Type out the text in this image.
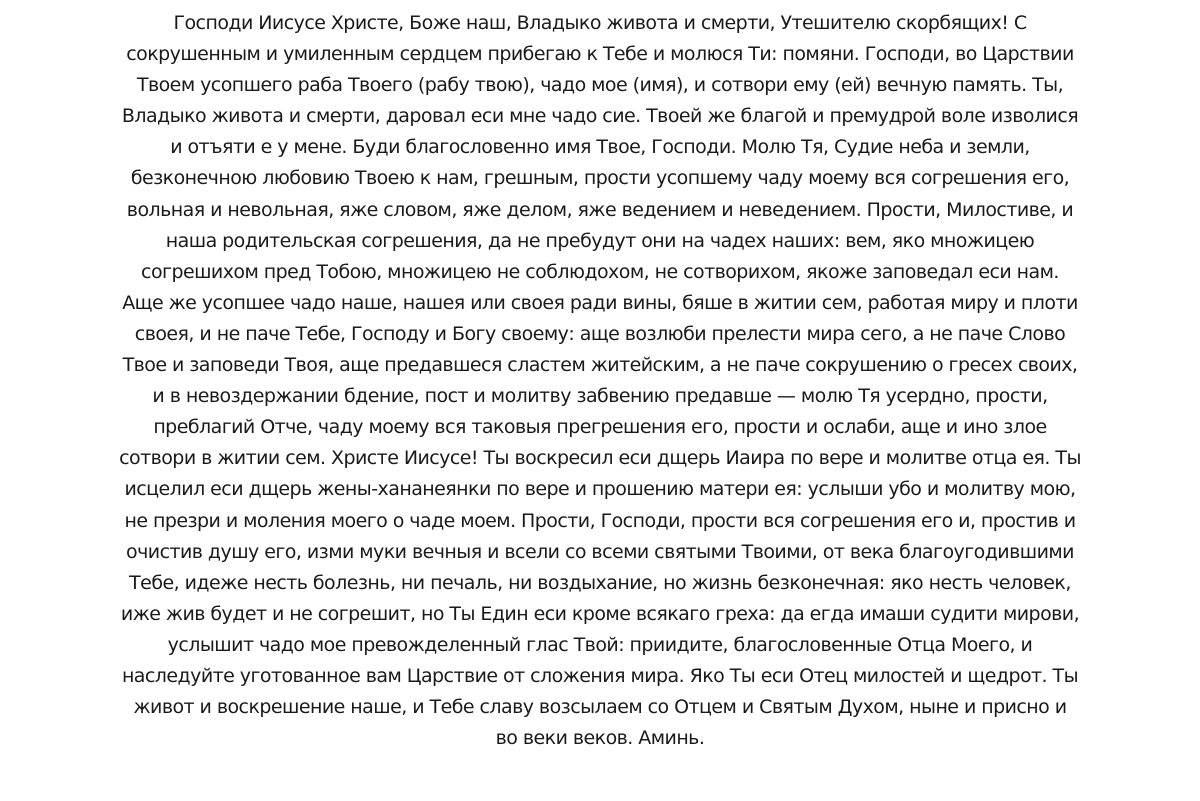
Господи Иисусе Христе, Боже наш, Владыко живота и смерти, Утешителю скорбящих! С
сокрушенным и умиленным сердцем прибегаю к Тебе и молюся Ти: помяни. Господи, во Царствии
Твоем усопшего раба Твоего (рабу твою), чадо мое (имя), и сотвори ему (ей) вечную память. Ты,
Владыко живота и смерти, даровал еси мне чадо сие. Твоей же благой и премудрой воле изволися
и отъяти е у мене. Буди благословенно имя Твое, Господи. Молю Тя, Судие неба и земли,
безконечною любовию Твоею к нам, грешным, прости усопшему чаду моему вся согрешения его,
вольная и невольная, яже словом, яже делом, яже ведением и неведением. Прости, Милостиве, и
наша родительская согрешения, да не пребудут они на чадех наших: вем, яко множицею
согрешихом пред Тобою, множицею не соблюдохом, не сотворихом, якоже заповедал еси нам.
Аще же усопшее чадо наше, нашея или своея ради вины, бяше в житии сем, работая миру и плоти
своея, и не паче Тебе, Господу и Богу своему: аще возлюби прелести мира сего, а не паче Слово
Твое и заповеди Твоя, аще предавшеся сластем житейским, а не паче сокрушению о гресех своих,
и в невоздержании бдение, пост и молитву забвению предавше — молю Тя усердно, прости,
преблагий Отче, чаду моему вся таковыя прегрешения его, прости и ослаби, аще и ино злое
сотвори в житии сем. Христе Иисусе! Ты воскресил еси дщерь Иаира по вере и молитве отца ея. Ты
исцелил еси дщерь жены-хананеянки по вере и прошению матери ея: услыши убо и молитву мою,
не презри и моления моего о чаде моем. Прости, Господи, прости вся согрешения его и, простив и
очистив душу его, изми муки вечныя и всели со всеми святыми Твоими, от века благоугодившими
Тебе, идеже несть болезнь, ни печаль, ни воздыхание, но жизнь безконечная: яко несть человек,
иже жив будет и не согрешит, но Ты Един еси кроме всякаго греха: да егда имаши судити мирови,
услышит чадо мое превожделенный глас Твой: приидите, благословенные Отца Моего, и
наследуйте уготованное вам Царствие от сложения мира. Яко Ты еси Отец милостей и щедрот. Ты
живот и воскрешение наше, и Тебе славу возсылаем со Отцем и Святым Духом, ныне и присно и
во веки веков. Аминь.
